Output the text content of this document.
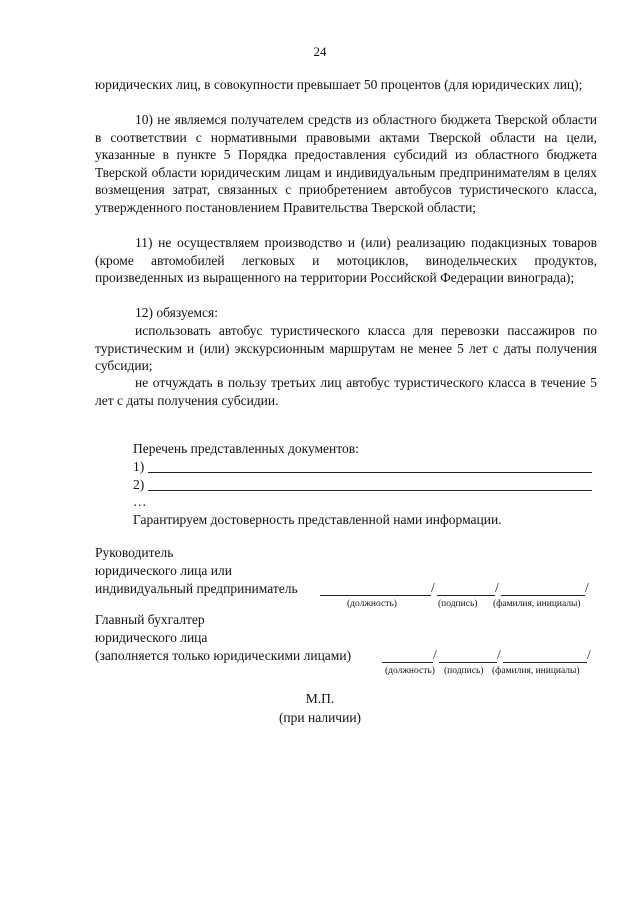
24

юридических лиц, в совокупности превышает 50 процентов (для юридических лиц);

10) не являемся получателем средств из областного бюджета Тверской области в соответствии с нормативными правовыми актами Тверской области на цели, указанные в пункте 5 Порядка предоставления субсидий из областного бюджета Тверской области юридическим лицам и индивидуальным предпринимателям в целях возмещения затрат, связанных с приобретением автобусов туристического класса, утвержденного постановлением Правительства Тверской области;

11) не осуществляем производство и (или) реализацию подакцизных товаров (кроме автомобилей легковых и мотоциклов, винодельческих продуктов, произведенных из выращенного на территории Российской Федерации винограда);

12) обязуемся:

использовать автобус туристического класса для перевозки пассажиров по туристическим и (или) экскурсионным маршрутам не менее 5 лет с даты получения субсидии;

не отчуждать в пользу третьих лиц автобус туристического класса в течение 5 лет с даты получения субсидии.

Перечень представленных документов:
1)
2)
…
Гарантируем достоверность представленной нами информации.
Руководитель
юридического лица или
индивидуальный предприниматель	/	/	/
(должность)	(подпись) (фамилия, инициалы)
Главный бухгалтер
юридического лица
(заполняется только юридическими лицами)	/	/	/
(должность) (подпись) (фамилия, инициалы)
М.П.
(при наличии)
